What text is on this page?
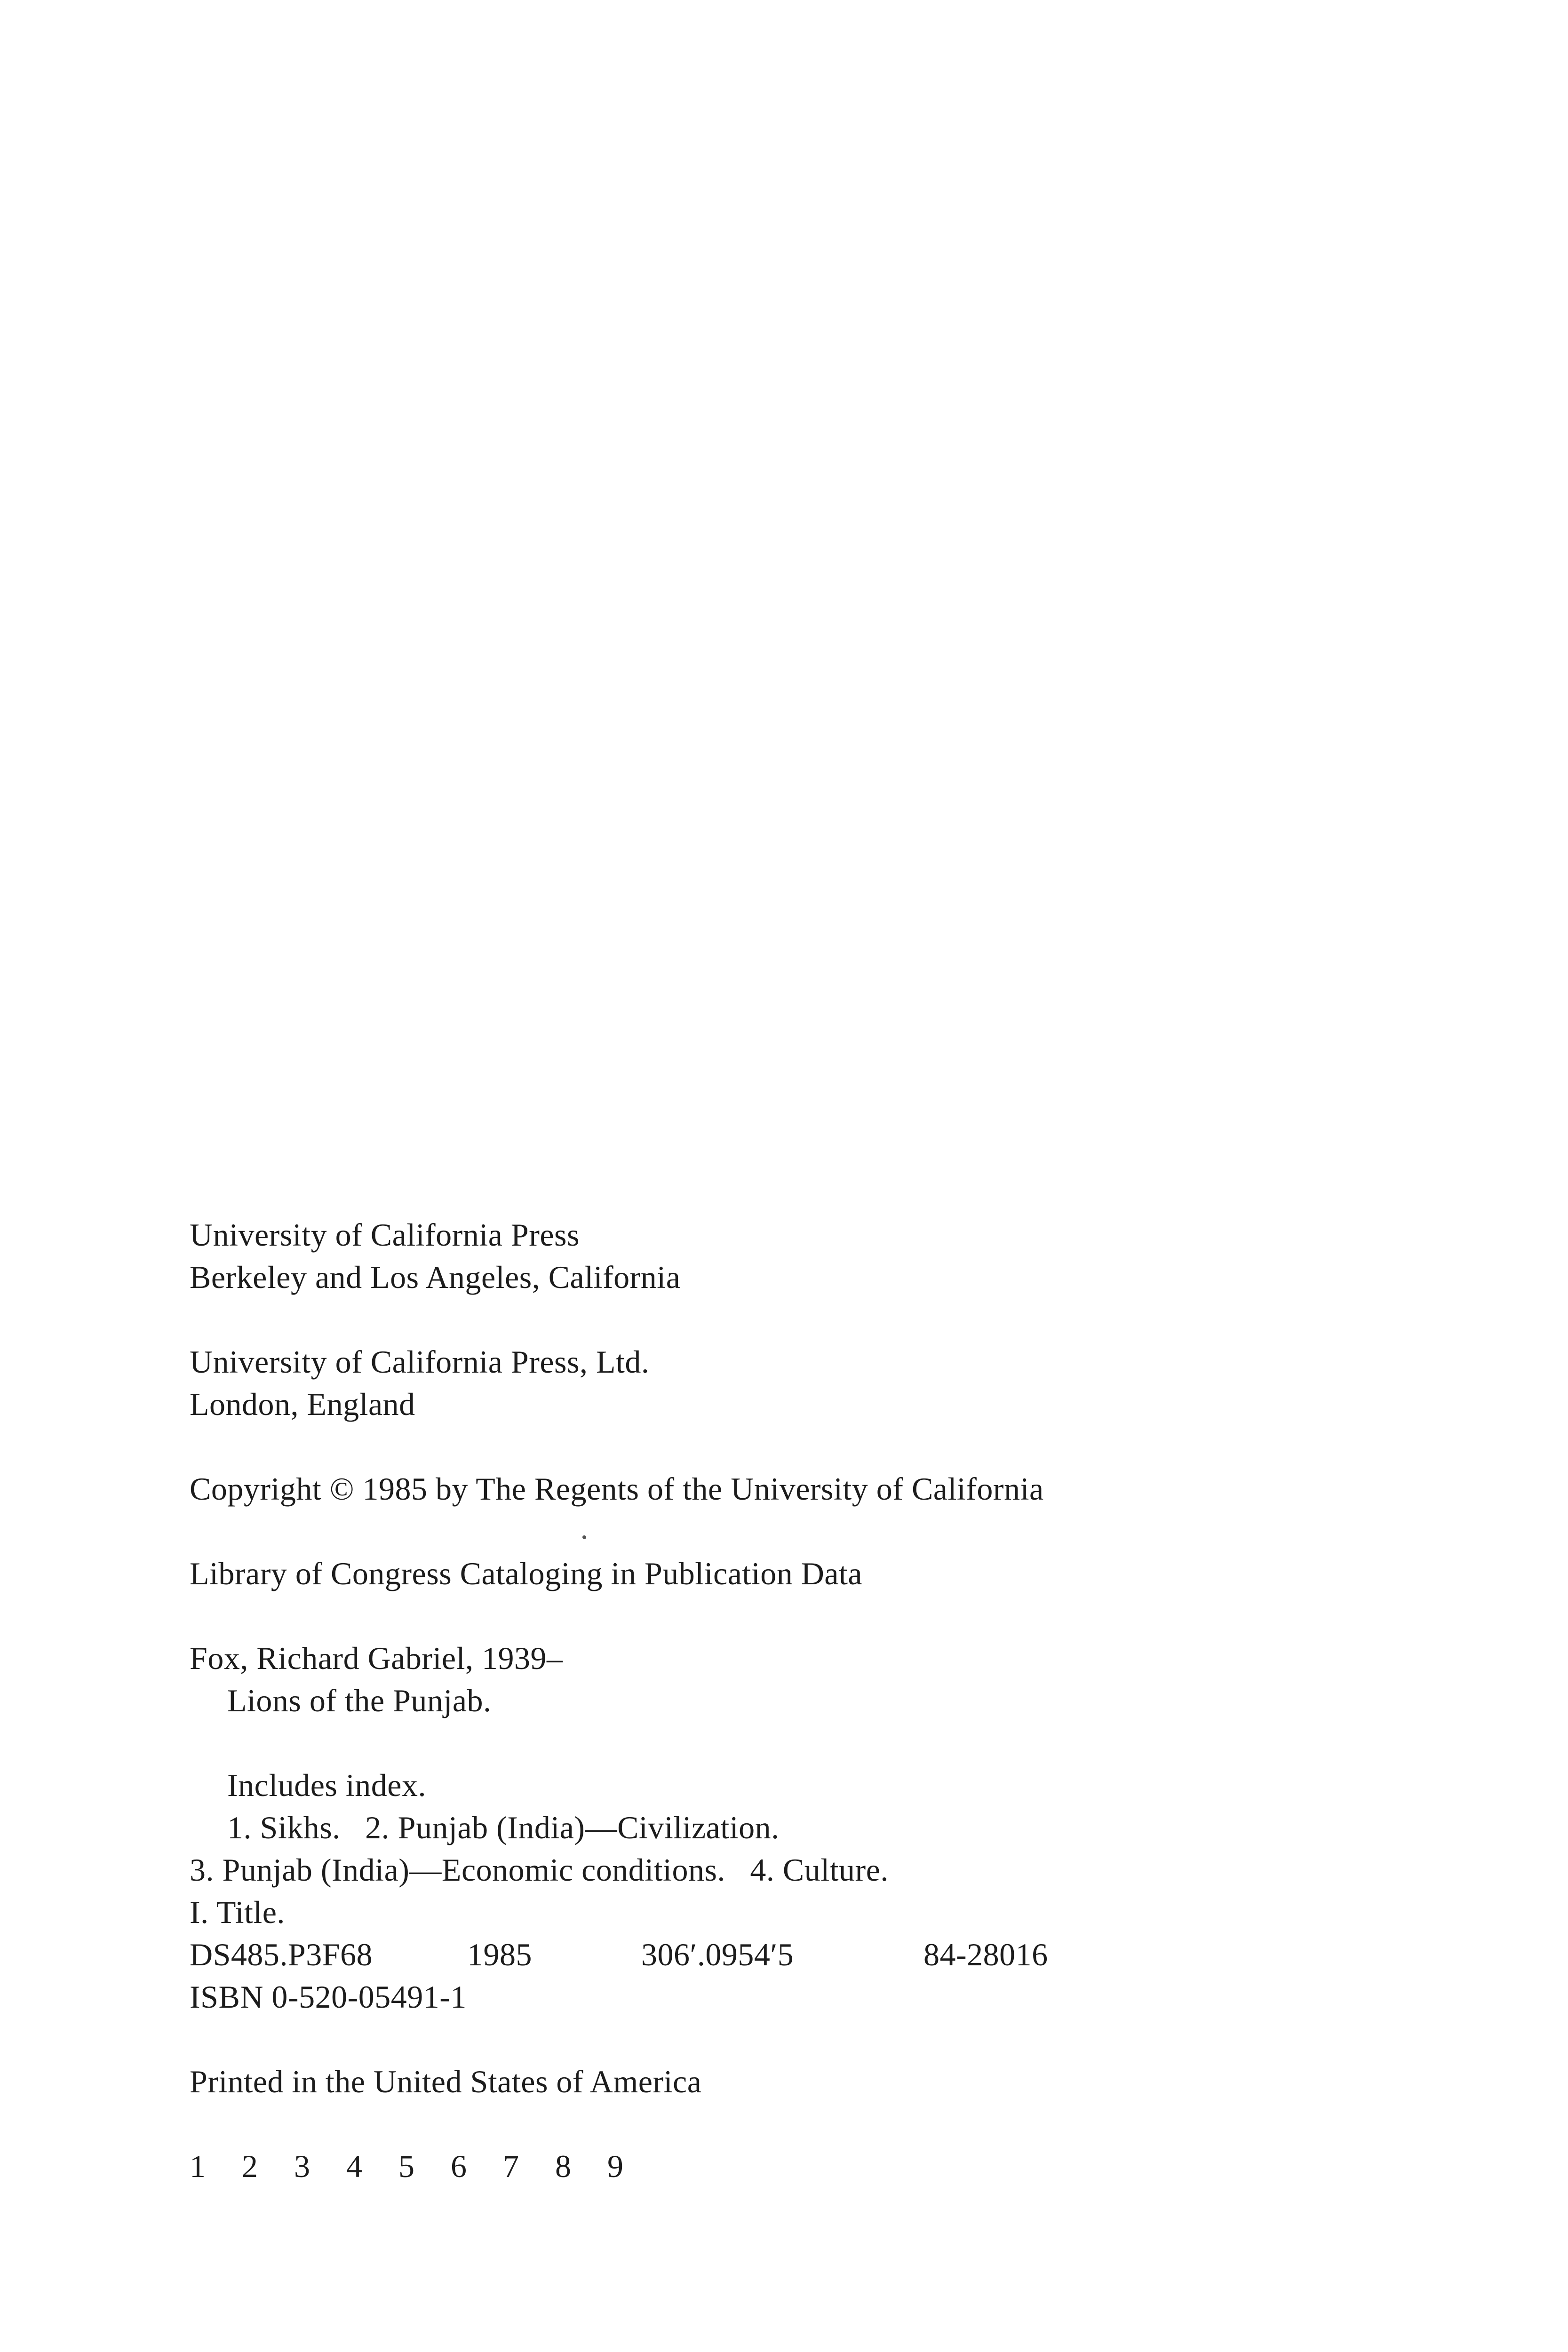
University of California Press
Berkeley and Los Angeles, California
University of California Press, Ltd.
London, England
Copyright © 1985 by The Regents of the University of California
Library of Congress Cataloging in Publication Data
Fox, Richard Gabriel, 1939–
Lions of the Punjab.
Includes index.
1. Sikhs.   2. Punjab (India)—Civilization.
3. Punjab (India)—Economic conditions.   4. Culture.
I. Title.
DS485.P3F68	1985	306′.0954′5	84-28016
ISBN 0-520-05491-1
Printed in the United States of America
1 2 3 4 5 6 7 8 9
